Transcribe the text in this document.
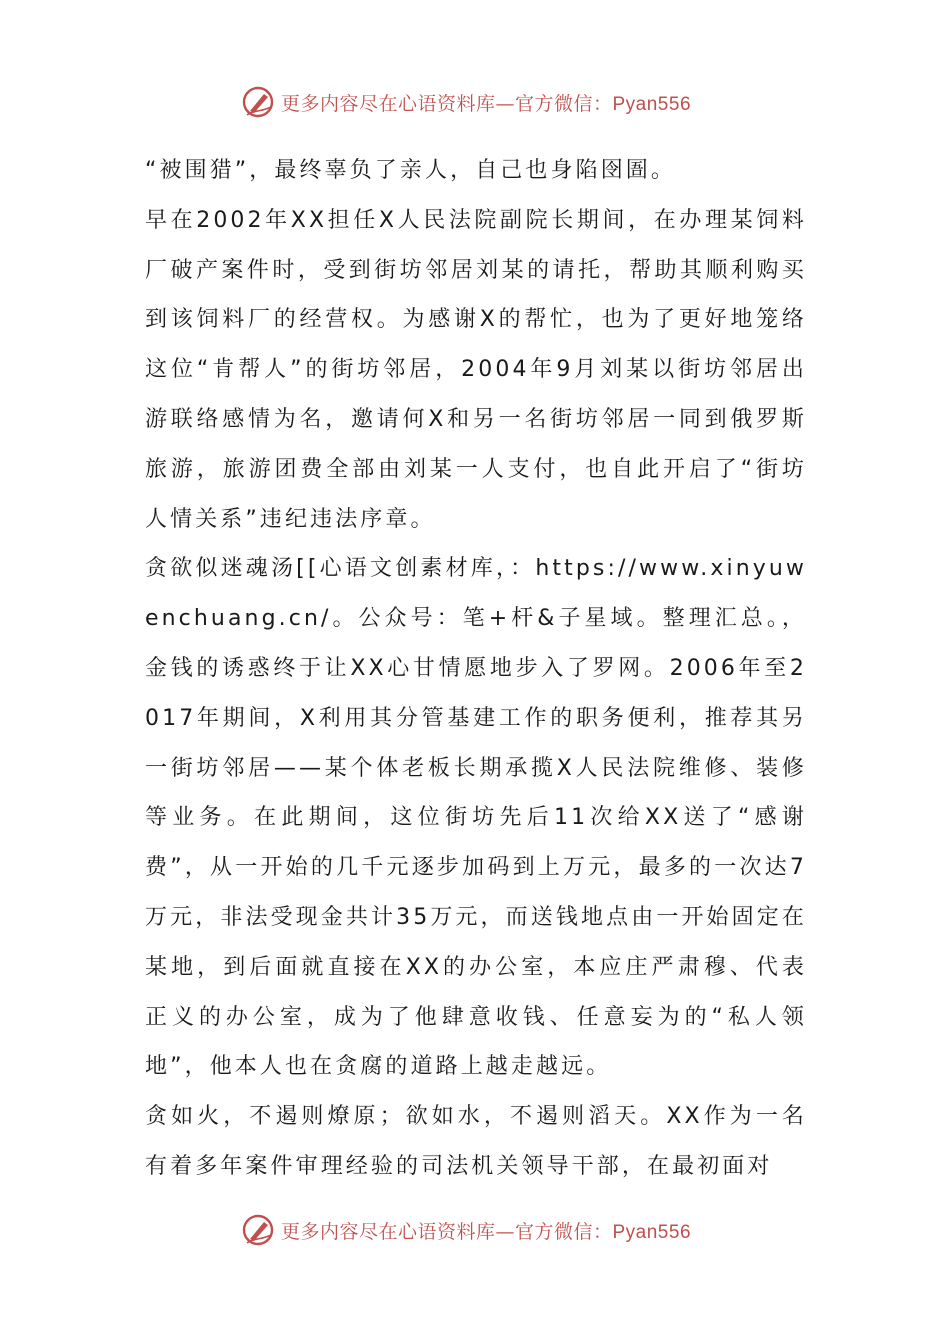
更多内容尽在心语资料库—官方微信：Pyan556

“被围猎”，最终辜负了亲人，自己也身陷囹圄。

早在2002年XX担任X人民法院副院长期间，在办理某饲料厂破产案件时，受到街坊邻居刘某的请托，帮助其顺利购买到该饲料厂的经营权。为感谢X的帮忙，也为了更好地笼络这位“肯帮人”的街坊邻居，2004年9月刘某以街坊邻居出游联络感情为名，邀请何X和另一名街坊邻居一同到俄罗斯旅游，旅游团费全部由刘某一人支付，也自此开启了“街坊人情关系”违纪违法序章。

贪欲似迷魂汤[[心语文创素材库，：https://www.xinyuwenchuang.cn/。公众号：笔+杆&子星域。整理汇总。，金钱的诱惑终于让XX心甘情愿地步入了罗网。2006年至2017年期间，X利用其分管基建工作的职务便利，推荐其另一街坊邻居——某个体老板长期承揽X人民法院维修、装修等业务。在此期间，这位街坊先后11次给XX送了“感谢费”，从一开始的几千元逐步加码到上万元，最多的一次达7万元，非法受现金共计35万元，而送钱地点由一开始固定在某地，到后面就直接在XX的办公室，本应庄严肃穆、代表正义的办公室，成为了他肆意收钱、任意妄为的“私人领地”，他本人也在贪腐的道路上越走越远。

贪如火，不遏则燎原；欲如水，不遏则滔天。XX作为一名有着多年案件审理经验的司法机关领导干部，在最初面对

更多内容尽在心语资料库—官方微信：Pyan556
